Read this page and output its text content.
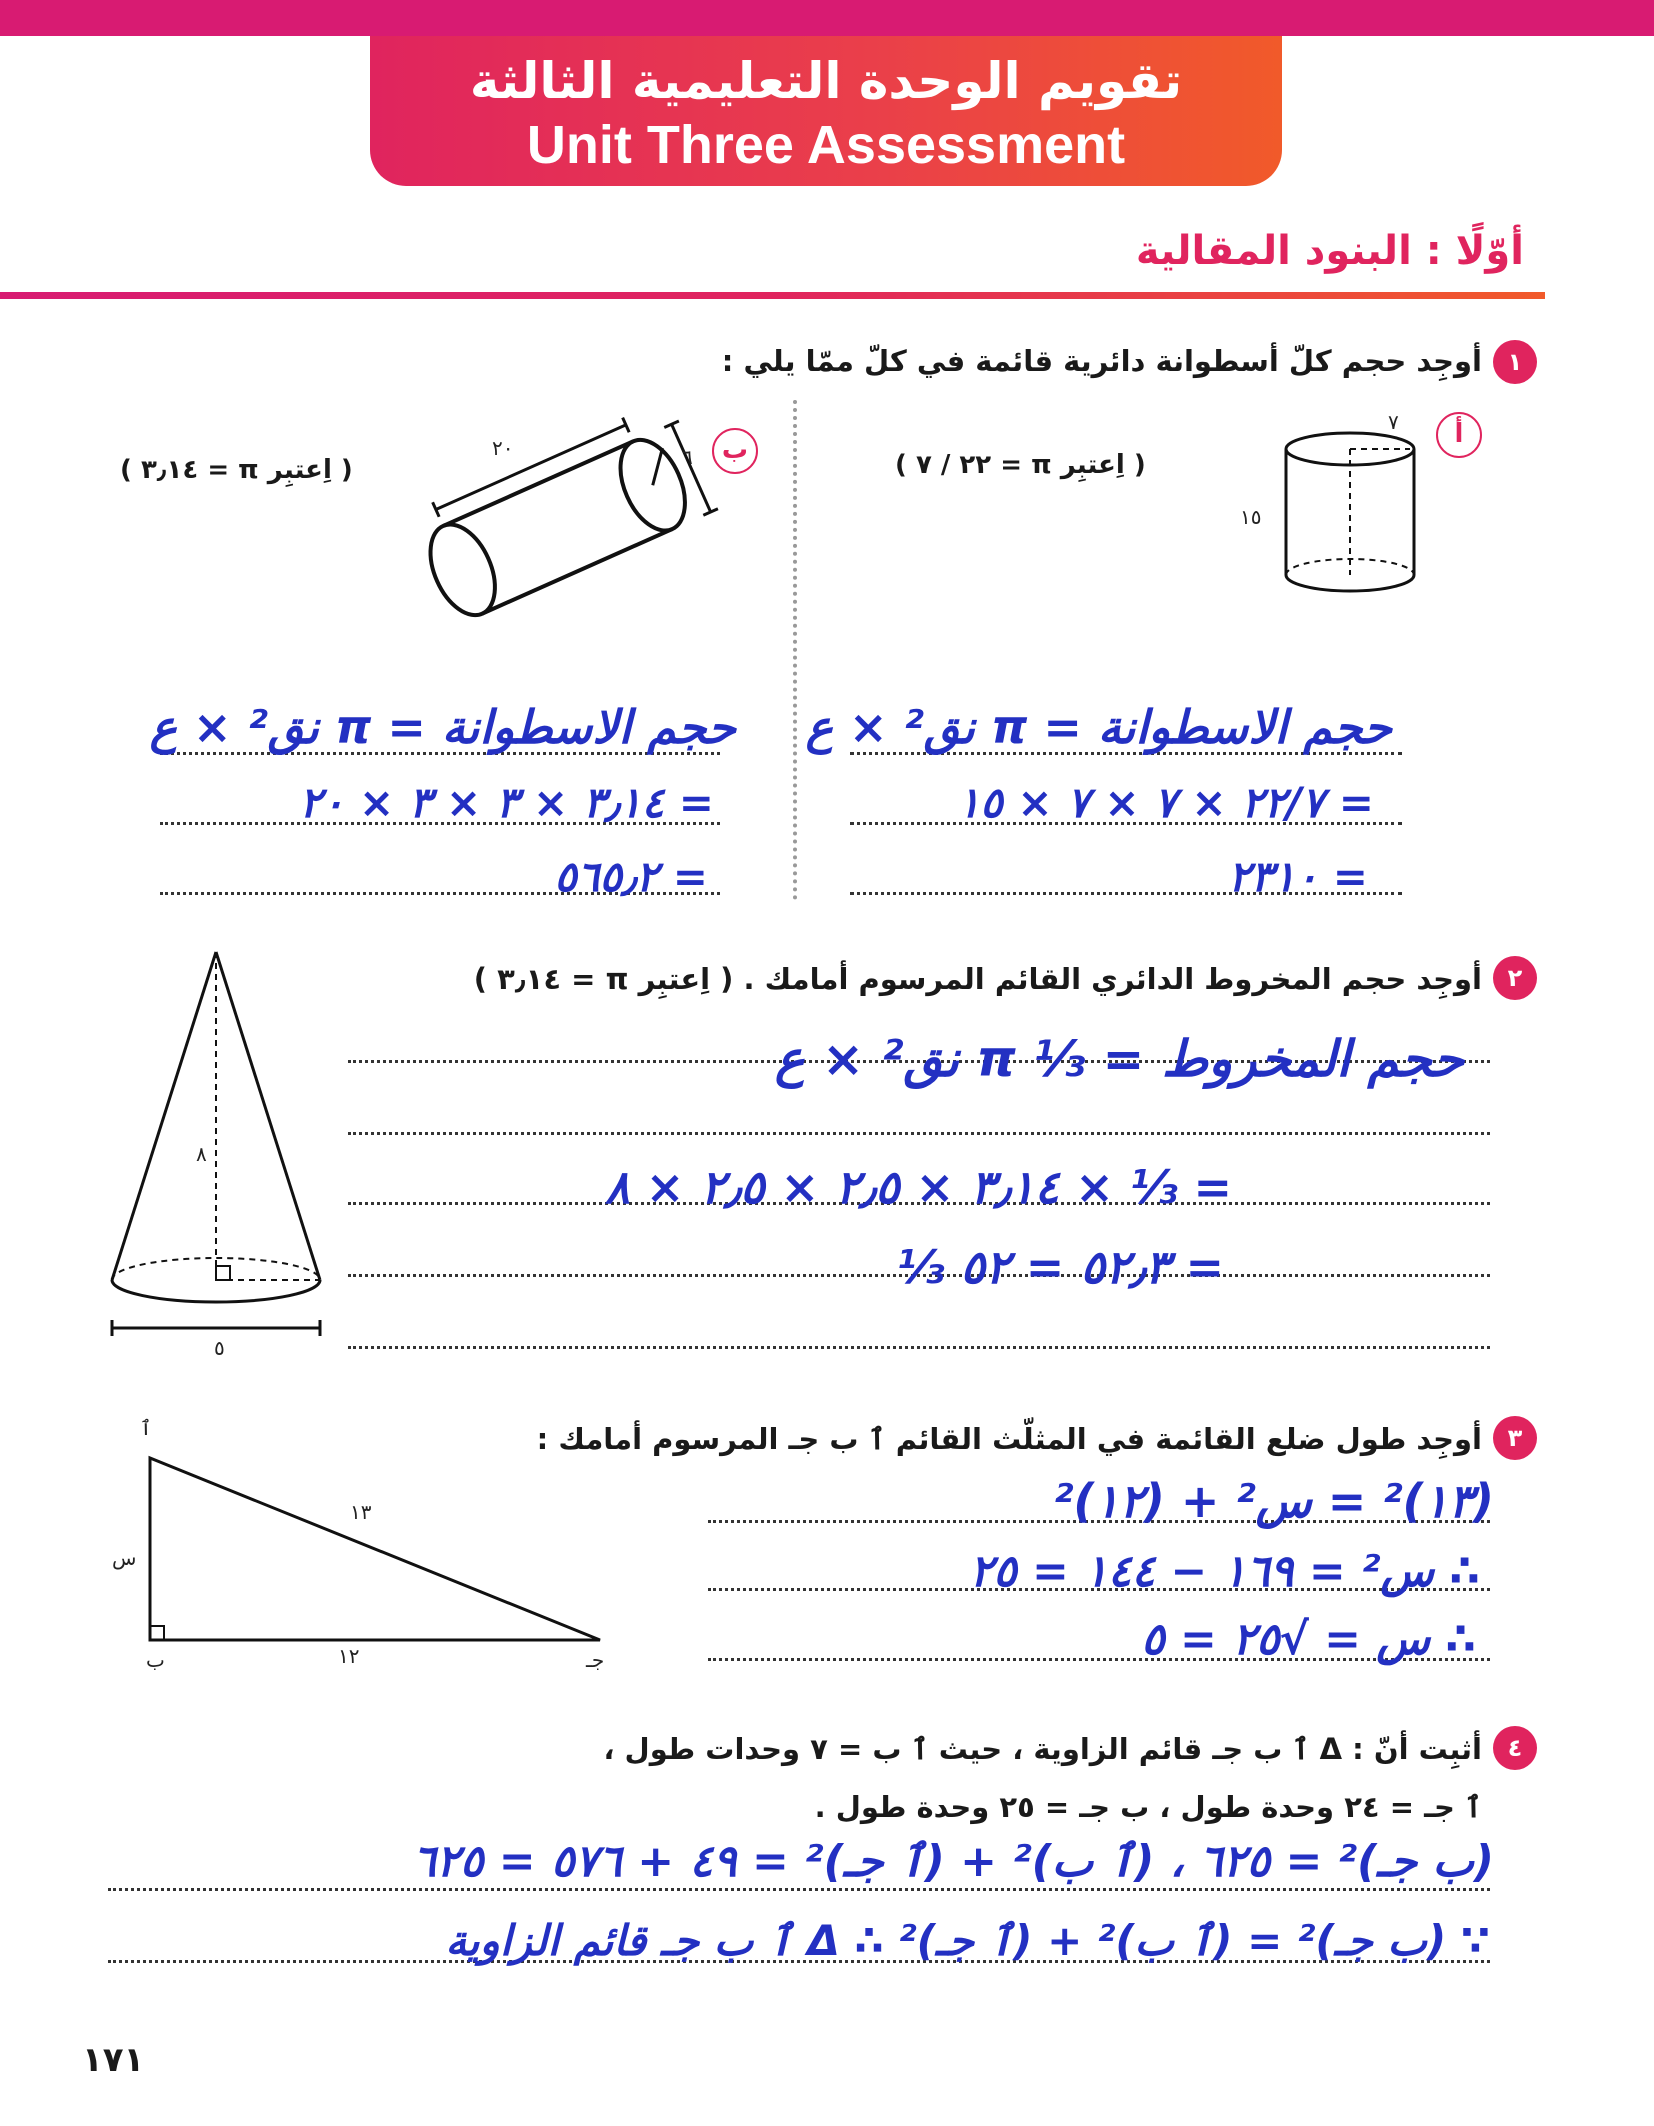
تقويم الوحدة التعليمية الثالثة
Unit Three Assessment
أوّلًا : البنود المقالية
١
أوجِد حجم كلّ أسطوانة دائرية قائمة في كلّ ممّا يلي :
أ
( اِعتبِر π = ٢٢ / ٧ )
٧
١٥
ب
( اِعتبِر π = ٣٫١٤ )
٢٠	٦
حجم الاسطوانة = π نق² × ع
= ٢٢/٧ × ٧ × ٧ × ١٥
= ٢٣١٠
حجم الاسطوانة = π نق² × ع
= ٣٫١٤ × ٣ × ٣ × ٢٠
= ٥٦٥٫٢
٢
أوجِد حجم المخروط الدائري القائم المرسوم أمامك . ( اِعتبِر π = ٣٫١٤ )
٨
٥
حجم المخروط = ⅓ π نق² × ع
= ⅓ × ٣٫١٤ × ٢٫٥ × ٢٫٥ × ٨
= ٥٢٫٣ = ٥٢ ⅓
٣
أوجِد طول ضلع القائمة في المثلّث القائم ٱ ب جـ المرسوم أمامك :
ٱ
ب	جـ
١٣
١٢
س
(١٣)² = س² + (١٢)²
∴ س² = ١٦٩ − ١٤٤ = ٢٥
∴ س = √٢٥ = ٥
٤
أثبِت أنّ : Δ ٱ ب جـ قائم الزاوية ، حيث ٱ ب = ٧ وحدات طول ،
ٱ جـ = ٢٤ وحدة طول ، ب جـ = ٢٥ وحدة طول .
(ب جـ)² = ٦٢٥ ، (ٱ ب)² + (ٱ جـ)² = ٤٩ + ٥٧٦ = ٦٢٥
∵ (ب جـ)² = (ٱ ب)² + (ٱ جـ)² ∴ Δ ٱ ب جـ قائم الزاوية
١٧١
